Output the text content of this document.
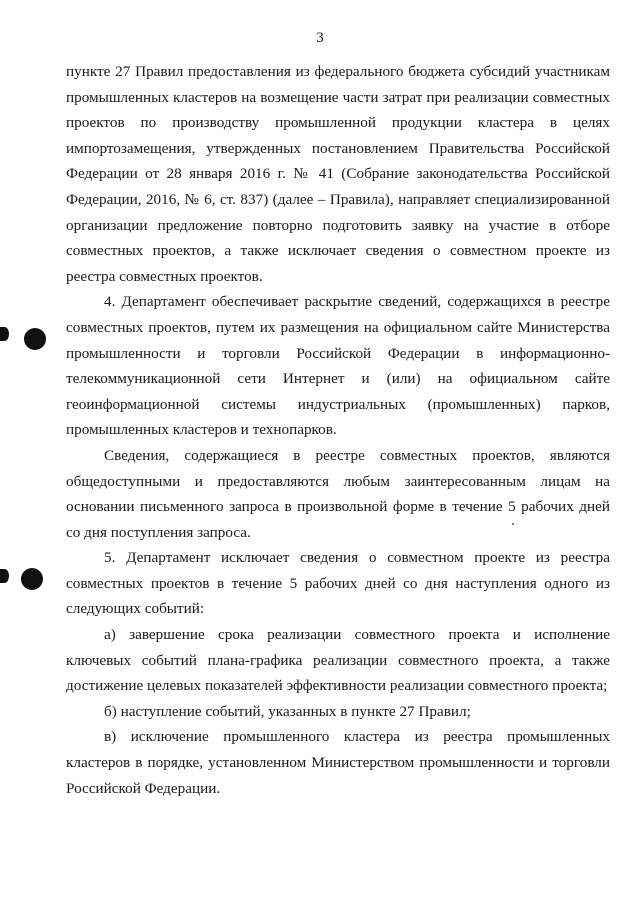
3

пункте 27 Правил предоставления из федерального бюджета субсидий участникам промышленных кластеров на возмещение части затрат при реализации совместных проектов по производству промышленной продукции кластера в целях импортозамещения, утвержденных постановлением Правительства Российской Федерации от 28 января 2016 г. № 41 (Собрание законодательства Российской Федерации, 2016, № 6, ст. 837) (далее – Правила), направляет специализированной организации предложение повторно подготовить заявку на участие в отборе совместных проектов, а также исключает сведения о совместном проекте из реестра совместных проектов.

4. Департамент обеспечивает раскрытие сведений, содержащихся в реестре совместных проектов, путем их размещения на официальном сайте Министерства промышленности и торговли Российской Федерации в информационно-телекоммуникационной сети Интернет и (или) на официальном сайте геоинформационной системы индустриальных (промышленных) парков, промышленных кластеров и технопарков.

Сведения, содержащиеся в реестре совместных проектов, являются общедоступными и предоставляются любым заинтересованным лицам на основании письменного запроса в произвольной форме в течение 5 рабочих дней со дня поступления запроса.

5. Департамент исключает сведения о совместном проекте из реестра совместных проектов в течение 5 рабочих дней со дня наступления одного из следующих событий:

а) завершение срока реализации совместного проекта и исполнение ключевых событий плана-графика реализации совместного проекта, а также достижение целевых показателей эффективности реализации совместного проекта;

б) наступление событий, указанных в пункте 27 Правил;

в) исключение промышленного кластера из реестра промышленных кластеров в порядке, установленном Министерством промышленности и торговли Российской Федерации.
